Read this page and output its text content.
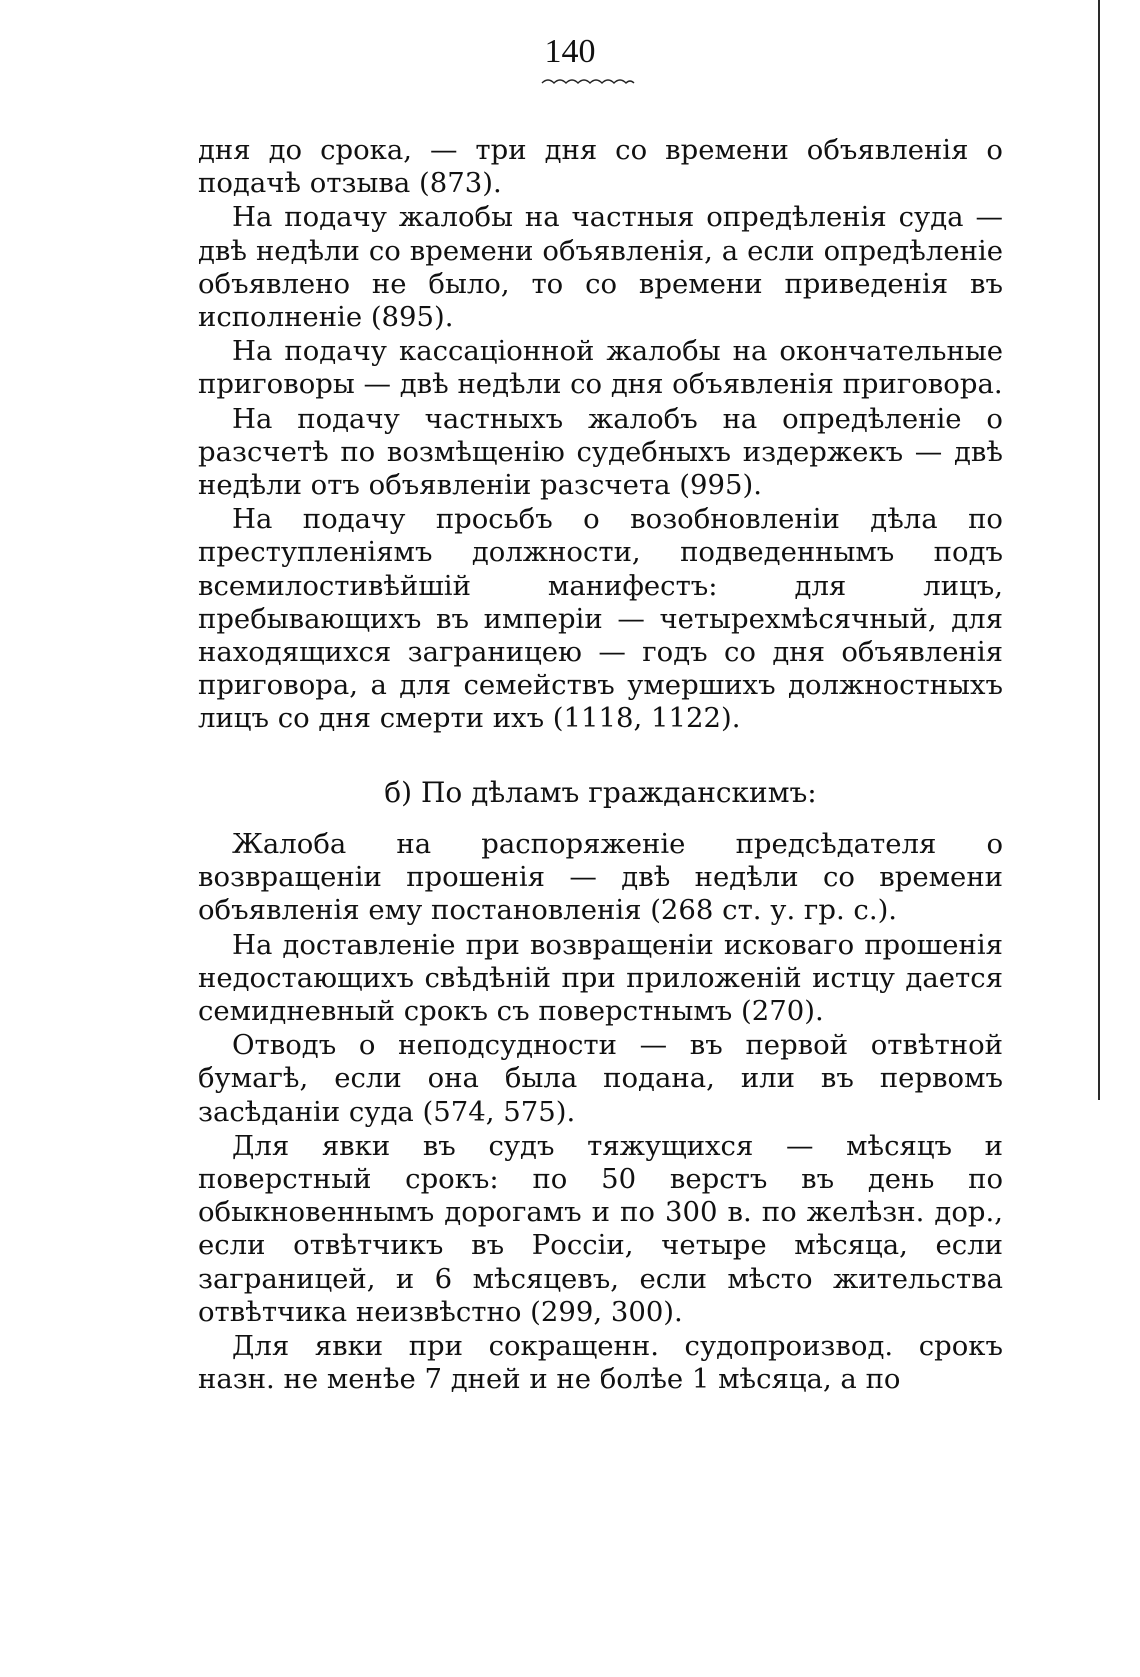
140

дня до срока, — три дня со времени объявленія о подачѣ отзыва (873).

На подачу жалобы на частныя опредѣленія суда — двѣ недѣли со времени объявленія, а если опредѣленіе объявлено не было, то со времени приведенія въ исполненіе (895).

На подачу кассаціонной жалобы на окончательные приговоры — двѣ недѣли со дня объявленія приговора.

На подачу частныхъ жалобъ на опредѣленіе о разсчетѣ по возмѣщенію судебныхъ издержекъ — двѣ недѣли отъ объявленіи разсчета (995).

На подачу просьбъ о возобновленіи дѣла по преступленіямъ должности, подведеннымъ подъ всемилостивѣйшій манифестъ: для лицъ, пребывающихъ въ имперіи — четырехмѣсячный, для находящихся заграницею — годъ со дня объявленія приговора, а для семействъ умершихъ должностныхъ лицъ со дня смерти ихъ (1118, 1122).

б) По дѣламъ гражданскимъ:

Жалоба на распоряженіе предсѣдателя о возвращеніи прошенія — двѣ недѣли со времени объявленія ему постановленія (268 ст. у. гр. с.).

На доставленіе при возвращеніи исковаго прошенія недостающихъ свѣдѣній при приложеній истцу дается семидневный срокъ съ поверстнымъ (270).

Отводъ о неподсудности — въ первой отвѣтной бумагѣ, если она была подана, или въ первомъ засѣданіи суда (574, 575).

Для явки въ судъ тяжущихся — мѣсяцъ и поверстный срокъ: по 50 верстъ въ день по обыкновеннымъ дорогамъ и по 300 в. по желѣзн. дор., если отвѣтчикъ въ Россіи, четыре мѣсяца, если заграницей, и 6 мѣсяцевъ, если мѣсто жительства отвѣтчика неизвѣстно (299, 300).

Для явки при сокращенн. судопроизвод. срокъ назн. не менѣе 7 дней и не болѣе 1 мѣсяца, а по
